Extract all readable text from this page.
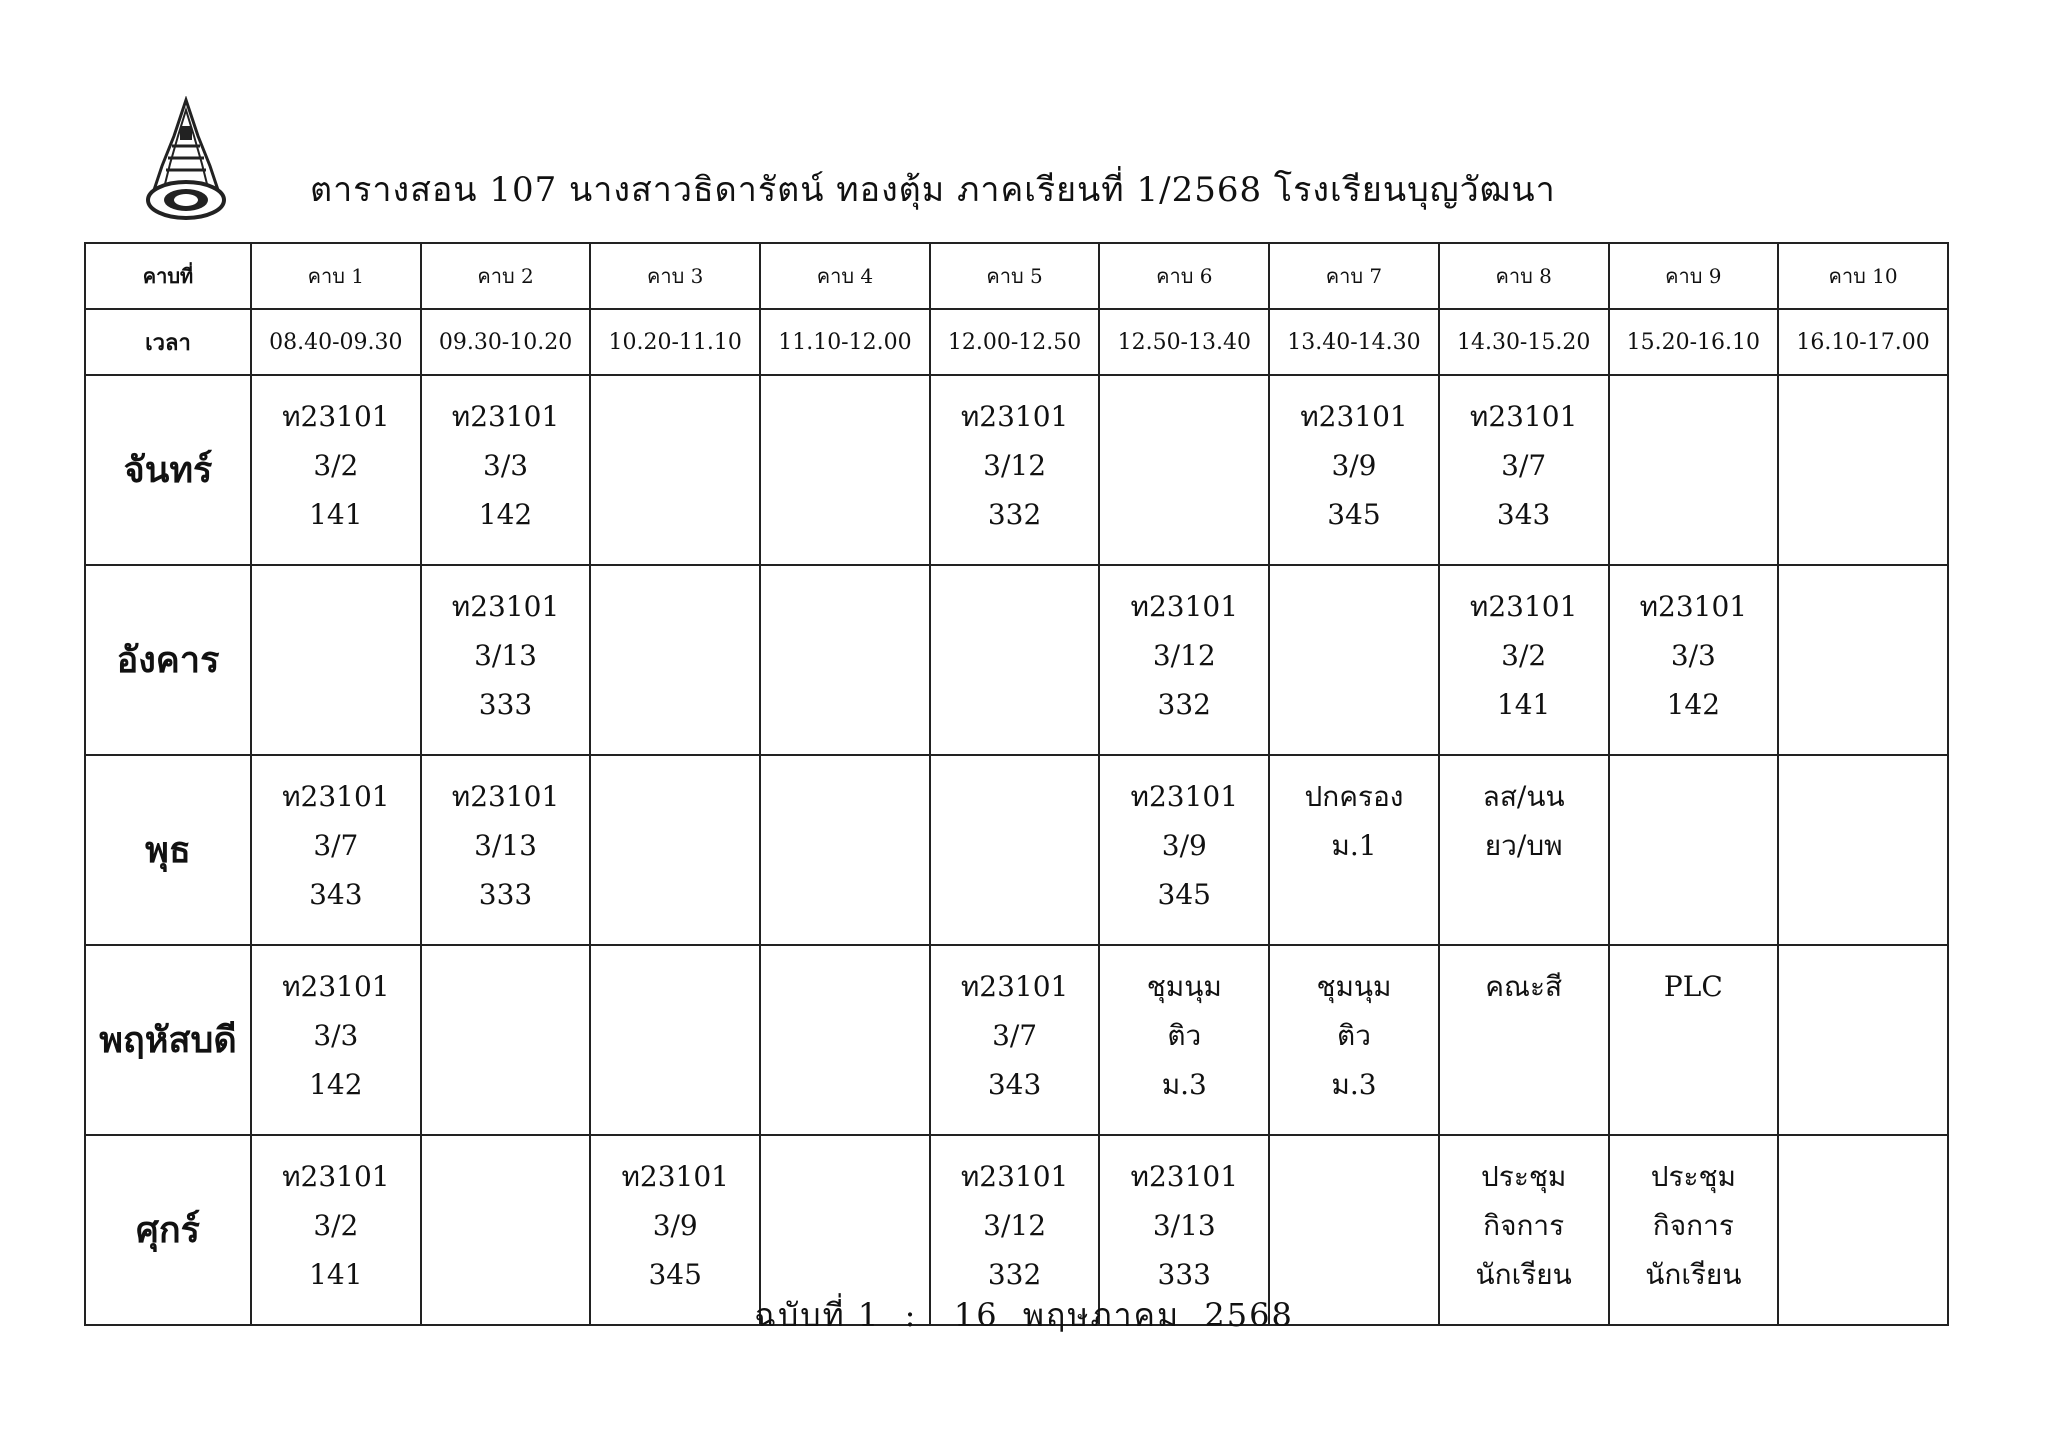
ตารางสอน 107 นางสาวธิดารัตน์ ทองตุ้ม ภาคเรียนที่ 1/2568 โรงเรียนบุญวัฒนา
คาบที่	คาบ 1	คาบ 2	คาบ 3	คาบ 4	คาบ 5	คาบ 6	คาบ 7	คาบ 8	คาบ 9	คาบ 10
เวลา	08.40-09.30	09.30-10.20	10.20-11.10	11.10-12.00	12.00-12.50	12.50-13.40	13.40-14.30	14.30-15.20	15.20-16.10	16.10-17.00
จันทร์	ท23101
3/2
141	ท23101
3/3
142			ท23101
3/12
332		ท23101
3/9
345	ท23101
3/7
343		

อังคาร		ท23101
3/13
333				ท23101
3/12
332		ท23101
3/2
141	ท23101
3/3
142	

พุธ	ท23101
3/7
343	ท23101
3/13
333				ท23101
3/9
345	ปกครอง
ม.1	ลส/นน
ยว/บพ		

พฤหัสบดี	ท23101
3/3
142				ท23101
3/7
343	ชุมนุม
ติว
ม.3	ชุมนุม
ติว
ม.3	คณะสี	PLC	

ศุกร์	ท23101
3/2
141		ท23101
3/9
345		ท23101
3/12
332	ท23101
3/13
333		ประชุม
กิจการ
นักเรียน	ประชุม
กิจการ
นักเรียน	

ฉบับที่ 1  :   16  พฤษภาคม  2568
